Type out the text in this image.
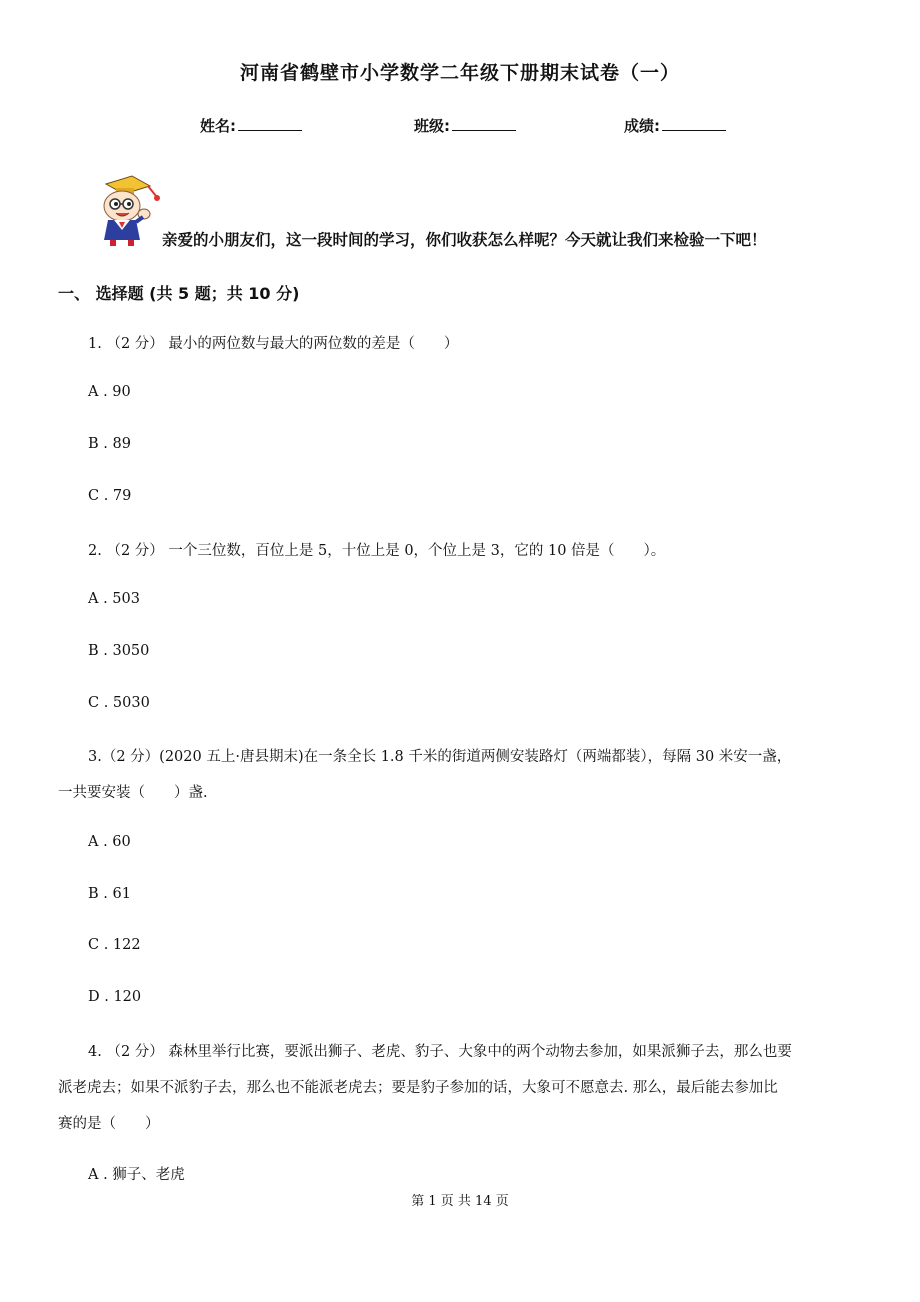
河南省鹤壁市小学数学二年级下册期末试卷（一）
姓名:	班级:	成绩:
亲爱的小朋友们，这一段时间的学习，你们收获怎么样呢？今天就让我们来检验一下吧！
一、 选择题 (共 5 题；共 10 分)
1. （2 分） 最小的两位数与最大的两位数的差是（　　）
A . 90
B . 89
C . 79
2. （2 分） 一个三位数，百位上是 5，十位上是 0，个位上是 3，它的 10 倍是（　　）。
A . 503
B . 3050
C . 5030
3.（2 分）(2020 五上·唐县期末)在一条全长 1.8 千米的街道两侧安装路灯（两端都装），每隔 30 米安一盏，
一共要安装（　　）盏.
A . 60
B . 61
C . 122
D . 120
4. （2 分） 森林里举行比赛，要派出狮子、老虎、豹子、大象中的两个动物去参加，如果派狮子去，那么也要
派老虎去；如果不派豹子去，那么也不能派老虎去；要是豹子参加的话，大象可不愿意去. 那么，最后能去参加比
赛的是（　　）
A . 狮子、老虎
第 1 页 共 14 页
